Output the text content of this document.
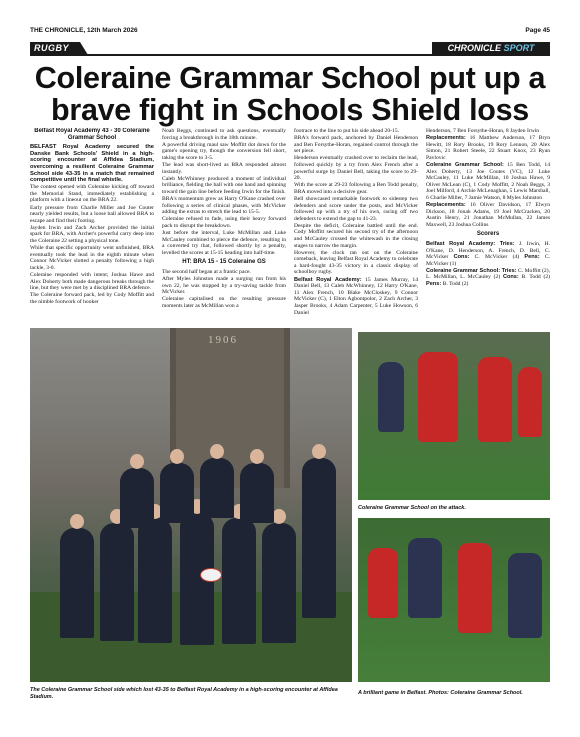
THE CHRONICLE, 12th March 2026	Page 45
RUGBY	CHRONICLE SPORT
Coleraine Grammar School put up a brave fight in Schools Shield loss

Belfast Royal Academy 43 - 30 Coleraine Grammar School

BELFAST Royal Academy secured the Danske Bank Schools' Shield in a high-scoring encounter at Affidea Stadium, overcoming a resilient Coleraine Grammar School side 43-35 in a match that remained competitive until the final whistle.

The contest opened with Coleraine kicking off toward the Memorial Stand, immediately establishing a platform with a lineout on the BRA 22.

Early pressure from Charlie Miller and Joe Couter nearly yielded results, but a loose ball allowed BRA to escape and find their footing.

Jayden Irwin and Zach Archer provided the initial spark for BRA, with Archer's powerful carry deep into the Coleraine 22 setting a physical tone.

While that specific opportunity went unfinished, BRA eventually took the lead in the eighth minute when Connor McVicker slotted a penalty following a high tackle, 3-0.

Coleraine responded with intent; Joshua Hawe and Alex Doherty both made dangerous breaks through the line, but they were met by a disciplined BRA defence.

The Coleraine forward pack, led by Cody Moffitt and the nimble footwork of hooker

Noah Beggs, continued to ask questions, eventually forcing a breakthrough in the 18th minute.

A powerful driving maul saw Moffitt dot down for the game's opening try, though the conversion fell short, taking the score to 3-5.

The lead was short-lived as BRA responded almost instantly.

Caleb McWhinney produced a moment of individual brilliance, fielding the ball with one hand and spinning toward the gain line before feeding Irwin for the finish.

BRA's momentum grew as Harry O'Kane crashed over following a series of clinical phases, with McVicker adding the extras to stretch the lead to 15-5.

Coleraine refused to fade, using their heavy forward pack to disrupt the breakdown.

Just before the interval, Luke McMillan and Luke McCauley combined to pierce the defence, resulting in a converted try that, followed shortly by a penalty, levelled the scores at 15-15 heading into half-time.

HT: BRA 15 - 15 Coleraine GS

The second half began at a frantic pace.

After Myles Johnston made a surging run from his own 22, he was stopped by a try-saving tackle from McVicker.

Coleraine capitalised on the resulting pressure moments later as McMillan won a

footrace to the line to put his side ahead 20-15.

BRA's forward pack, anchored by Daniel Henderson and Ben Forsythe-Horan, regained control through the set piece.

Henderson eventually crashed over to reclaim the lead, followed quickly by a try from Alex French after a powerful surge by Daniel Bell, taking the score to 29-20.

With the score at 29-23 following a Ben Todd penalty, BRA moved into a decisive gear.

Bell showcased remarkable footwork to sidestep two defenders and score under the posts, and McVicker followed up with a try of his own, racing off two defenders to extend the gap to 41-23.

Despite the deficit, Coleraine battled until the end. Cody Moffitt secured his second try of the afternoon and McCauley crossed the whitewash in the closing stages to narrow the margin.

However, the clock ran out on the Coleraine comeback, leaving Belfast Royal Academy to celebrate a hard-fought 43-35 victory in a classic display of schoolboy rugby.

Belfast Royal Academy: 15 James Murray, 14 Daniel Bell, 13 Caleb McWhinney, 12 Harry O'Kane, 11 Alex French, 10 Blake McCloskey, 9 Connor McVicker (C), 1 Elton Agbontpolor, 2 Zach Archer, 3 Jasper Brooks, 4 Adam Carpenter, 5 Luke Howson, 6 Daniel

Henderson, 7 Ben Forsythe-Horan, 8 Jayden Irwin

Replacements: 16 Matthew Anderson, 17 Bryn Hewitt, 18 Rory Brooks, 19 Rory Lennon, 20 Alex Simon, 21 Robert Steele, 22 Stuart Knox, 23 Ryan Pavlovic

Coleraine Grammar School: 15 Ben Todd, 14 Alex Doherty, 13 Joe Coutes (VC), 12 Luke McCauley, 11 Luke McMillan, 10 Joshua Hawe, 9 Oliver McLean (C), 1 Cody Moffitt, 2 Noah Beggs, 3 Joel Milford, 4 Archie McLenaghan, 5 Lewis Marshall, 6 Charlie Miller, 7 Jamie Watson, 8 Myles Johnston

Replacements: 16 Oliver Davidson, 17 Elwyn Dickson, 18 Jonah Adams, 19 Joel McCracken, 20 Austin Henry, 21 Jonathan McMullan, 22 James Maxwell, 23 Joshua Collins

Scorers

Belfast Royal Academy: Tries: J. Irwin, H. O'Kane, D. Henderson, A. French, D. Bell, C. McVicker Cons: C. McVicker (4) Pens: C. McVicker (1)

Coleraine Grammar School: Tries: C. Moffitt (2), L. McMillan, L. McCauley (2) Cons: B. Todd (2) Pens: B. Todd (2)

1906
The Coleraine Grammar School side which lost 43-35 to Belfast Royal Academy in a high-scoring encounter at Affidea Stadium.
Coleraine Grammar School on the attack.
A brilliant game in Belfast. Photos: Coleraine Grammar School.
